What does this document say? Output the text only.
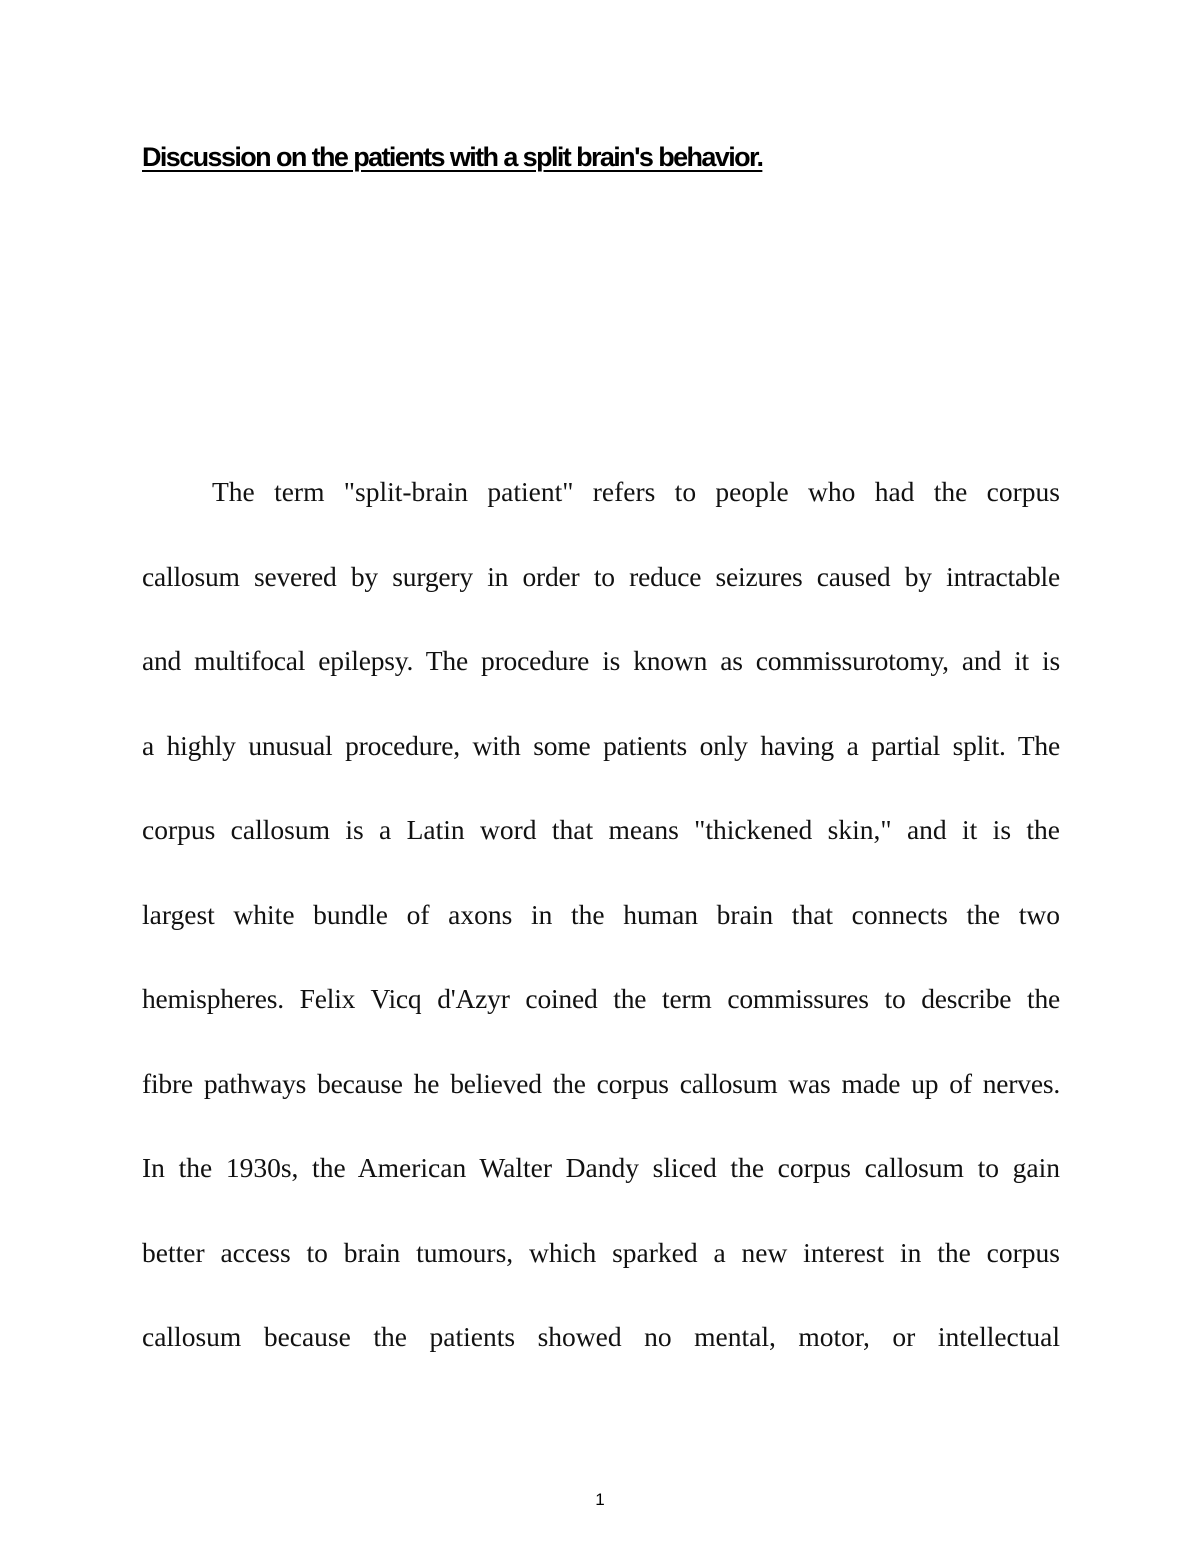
Discussion on the patients with a split brain's behavior.
The term "split-brain patient" refers to people who had the corpus
callosum severed by surgery in order to reduce seizures caused by intractable
and multifocal epilepsy. The procedure is known as commissurotomy, and it is
a highly unusual procedure, with some patients only having a partial split. The
corpus callosum is a Latin word that means "thickened skin," and it is the
largest white bundle of axons in the human brain that connects the two
hemispheres. Felix Vicq d'Azyr coined the term commissures to describe the
fibre pathways because he believed the corpus callosum was made up of nerves.
In the 1930s, the American Walter Dandy sliced the corpus callosum to gain
better access to brain tumours, which sparked a new interest in the corpus
callosum because the patients showed no mental, motor, or intellectual
1
